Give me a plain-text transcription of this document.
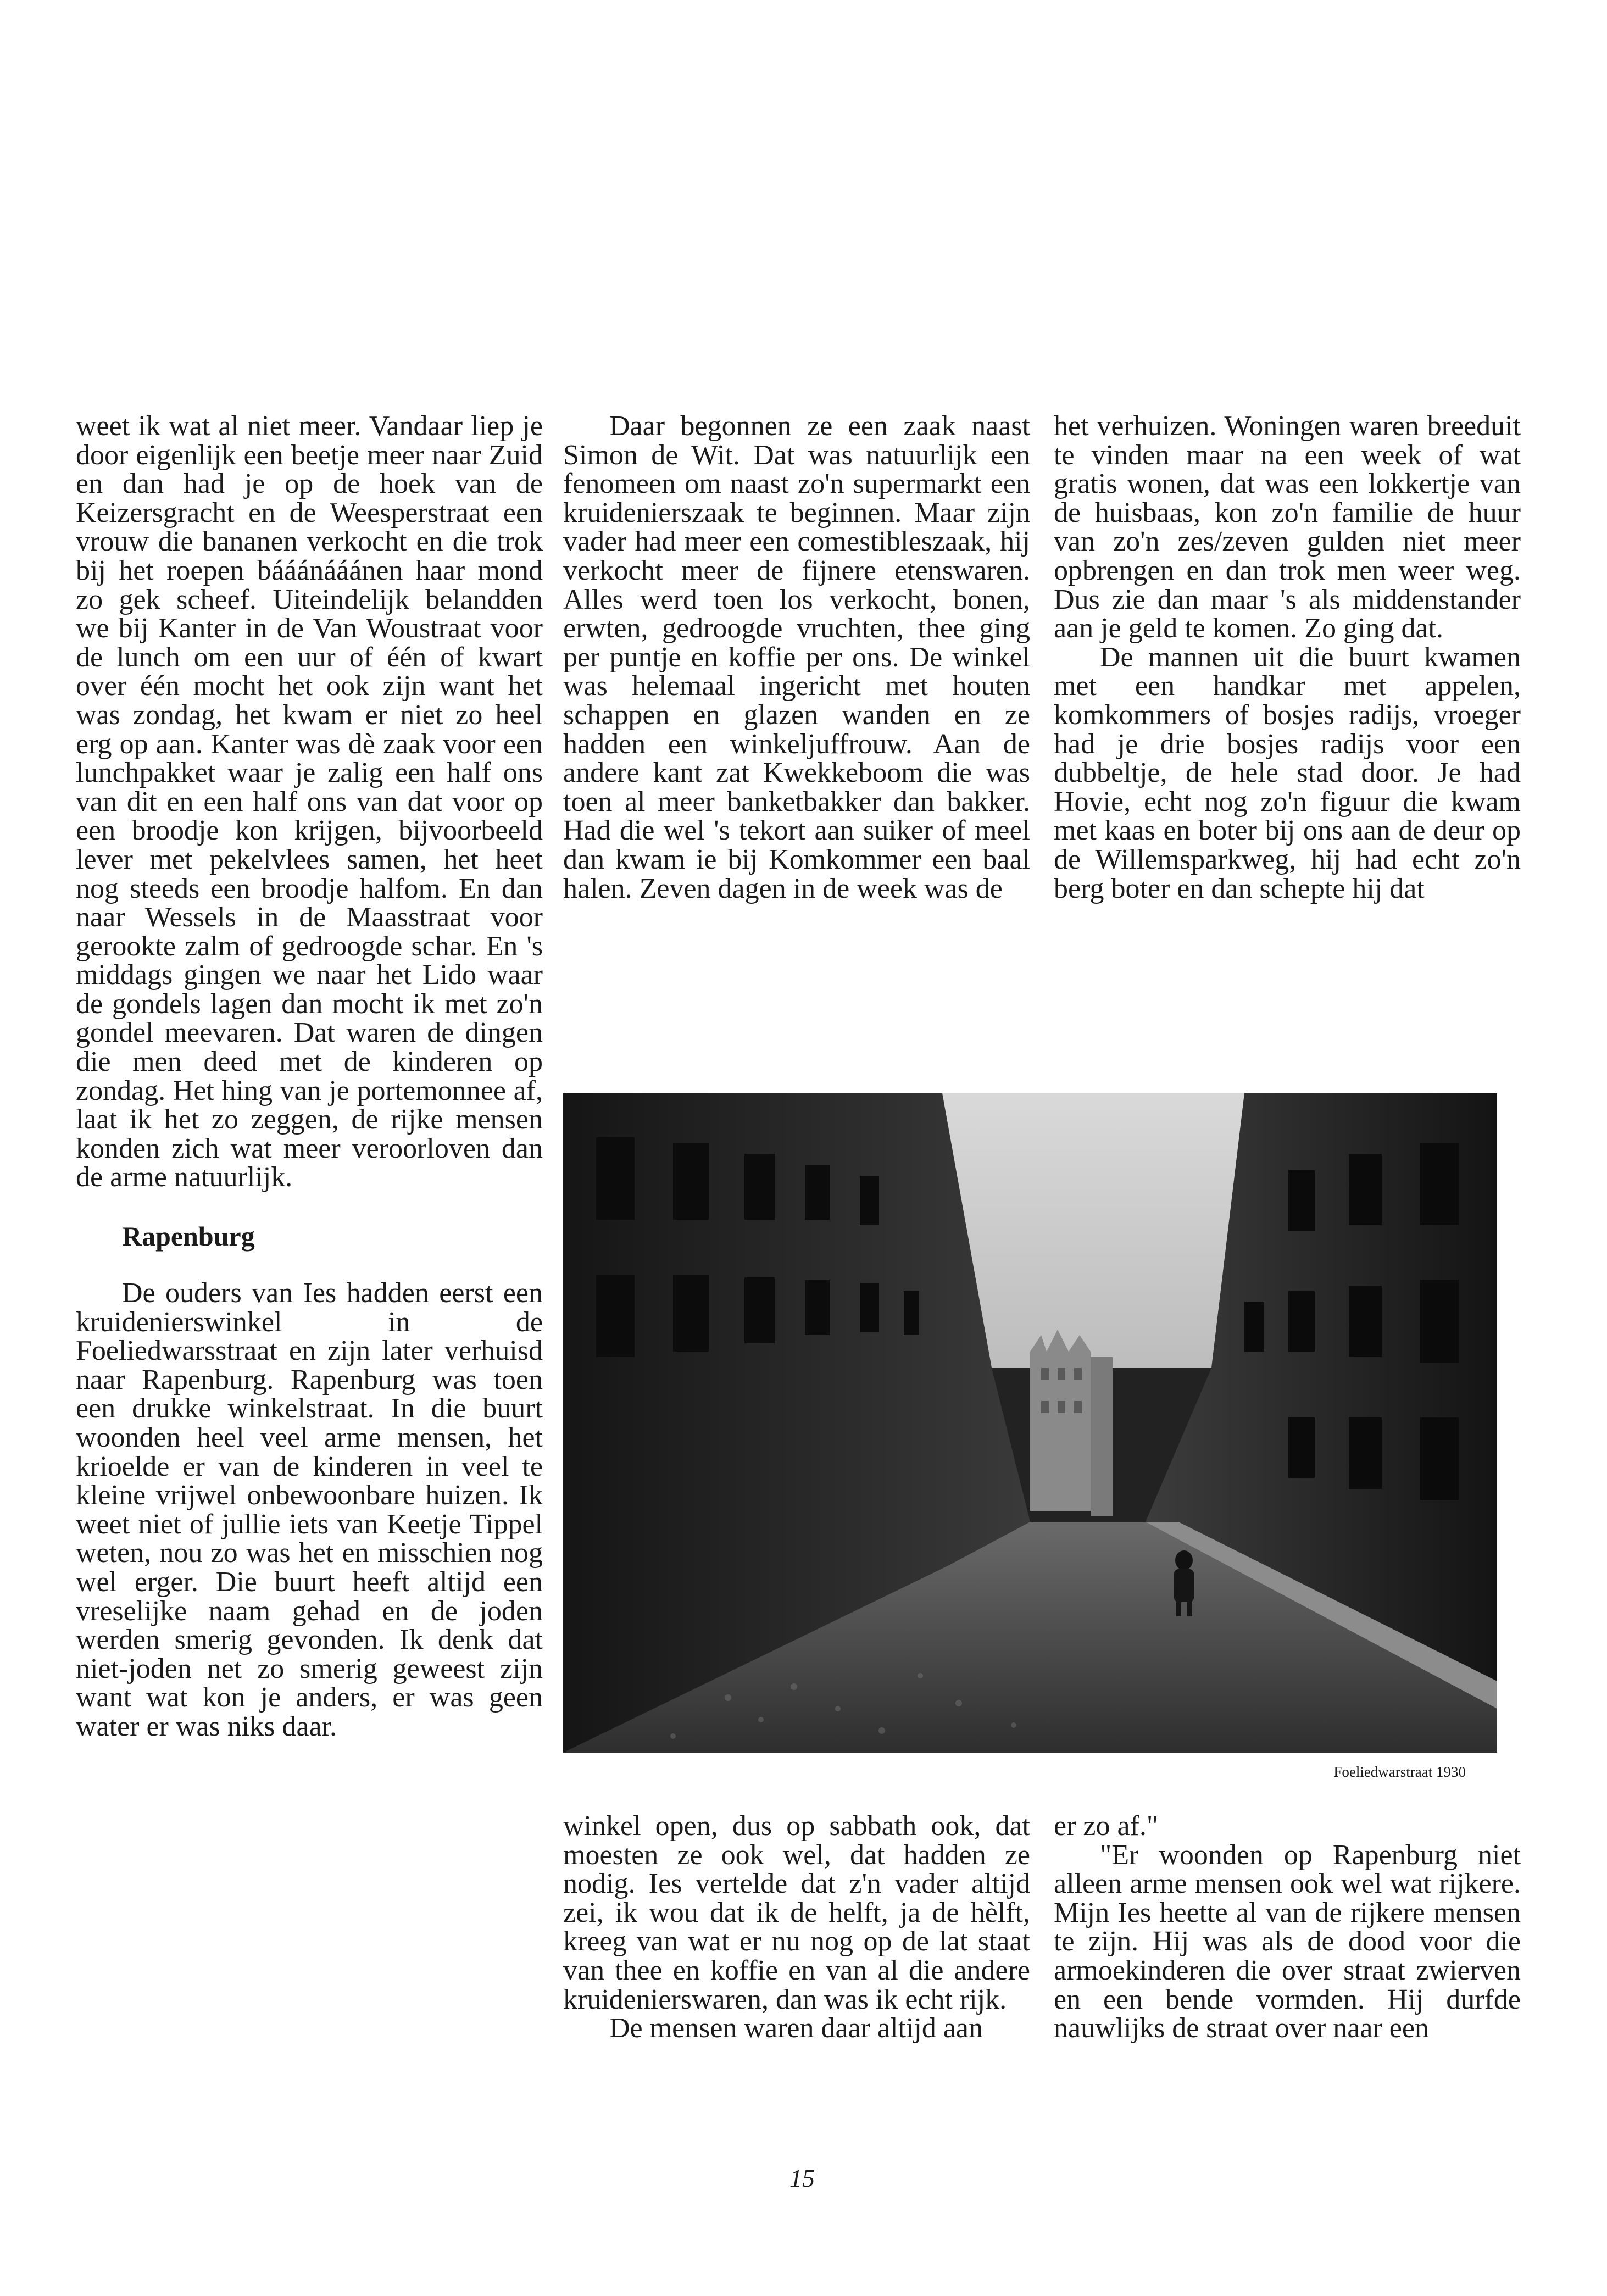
weet ik wat al niet meer. Vandaar liep je door eigenlijk een beetje meer naar Zuid en dan had je op de hoek van de Keizersgracht en de Weesperstraat een vrouw die bananen verkocht en die trok bij het roepen bááánááánen haar mond zo gek scheef. Uiteindelijk belandden we bij Kanter in de Van Woustraat voor de lunch om een uur of één of kwart over één mocht het ook zijn want het was zondag, het kwam er niet zo heel erg op aan. Kanter was dè zaak voor een lunchpakket waar je zalig een half ons van dit en een half ons van dat voor op een broodje kon krijgen, bijvoorbeeld lever met pekelvlees samen, het heet nog steeds een broodje halfom. En dan naar Wessels in de Maasstraat voor gerookte zalm of gedroogde schar. En 's middags gingen we naar het Lido waar de gondels lagen dan mocht ik met zo'n gondel meevaren. Dat waren de dingen die men deed met de kinderen op zondag. Het hing van je portemonnee af, laat ik het zo zeggen, de rijke mensen konden zich wat meer veroorloven dan de arme natuurlijk.

Rapenburg

De ouders van Ies hadden eerst een kruidenierswinkel in de Foeliedwarsstraat en zijn later verhuisd naar Rapenburg. Rapenburg was toen een drukke winkelstraat. In die buurt woonden heel veel arme mensen, het krioelde er van de kinderen in veel te kleine vrijwel onbewoonbare huizen. Ik weet niet of jullie iets van Keetje Tippel weten, nou zo was het en misschien nog wel erger. Die buurt heeft altijd een vreselijke naam gehad en de joden werden smerig gevonden. Ik denk dat niet-joden net zo smerig geweest zijn want wat kon je anders, er was geen water er was niks daar.

Daar begonnen ze een zaak naast Simon de Wit. Dat was natuurlijk een fenomeen om naast zo'n supermarkt een kruidenierszaak te beginnen. Maar zijn vader had meer een comestibleszaak, hij verkocht meer de fijnere etenswaren. Alles werd toen los verkocht, bonen, erwten, gedroogde vruchten, thee ging per puntje en koffie per ons. De winkel was helemaal ingericht met houten schappen en glazen wanden en ze hadden een winkeljuffrouw. Aan de andere kant zat Kwekkeboom die was toen al meer banketbakker dan bakker. Had die wel 's tekort aan suiker of meel dan kwam ie bij Komkommer een baal halen. Zeven dagen in de week was de

het verhuizen. Woningen waren breeduit te vinden maar na een week of wat gratis wonen, dat was een lokkertje van de huisbaas, kon zo'n familie de huur van zo'n zes/zeven gulden niet meer opbrengen en dan trok men weer weg. Dus zie dan maar 's als middenstander aan je geld te komen. Zo ging dat.

De mannen uit die buurt kwamen met een handkar met appelen, komkommers of bosjes radijs, vroeger had je drie bosjes radijs voor een dubbeltje, de hele stad door. Je had Hovie, echt nog zo'n figuur die kwam met kaas en boter bij ons aan de deur op de Willemsparkweg, hij had echt zo'n berg boter en dan schepte hij dat

Foeliedwarstraat 1930

winkel open, dus op sabbath ook, dat moesten ze ook wel, dat hadden ze nodig. Ies vertelde dat z'n vader altijd zei, ik wou dat ik de helft, ja de hèlft, kreeg van wat er nu nog op de lat staat van thee en koffie en van al die andere kruidenierswaren, dan was ik echt rijk.

De mensen waren daar altijd aan

er zo af."

"Er woonden op Rapenburg niet alleen arme mensen ook wel wat rijkere. Mijn Ies heette al van de rijkere mensen te zijn. Hij was als de dood voor die armoekinderen die over straat zwierven en een bende vormden. Hij durfde nauwlijks de straat over naar een

15
